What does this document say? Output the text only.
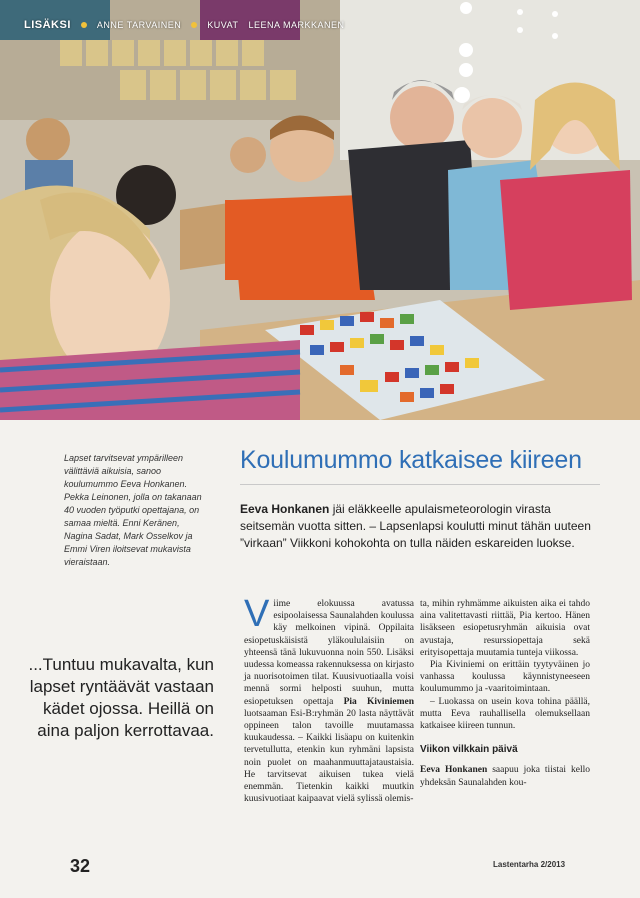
LISÄKSI	ANNE TARVAINEN	KUVAT LEENA MARKKANEN
Lapset tarvitsevat ympärilleen välittäviä aikuisia, sanoo koulumummo Eeva Honkanen. Pekka Leinonen, jolla on takanaan 40 vuoden työputki opettajana, on samaa mieltä. Enni Keränen, Nagina Sadat, Mark Osselkov ja Emmi Viren iloitsevat mukavista vieraistaan.
...Tuntuu mukavalta, kun lapset ryntäävät vastaan kädet ojossa. Heillä on aina paljon kerrottavaa.
Koulumummo katkaisee kiireen
Eeva Honkanen jäi eläkkeelle apulaismeteorologin virasta seitsemän vuotta sitten. – Lapsenlapsi koulutti minut tähän uuteen ”virkaan” Viikkoni kohokohta on tulla näiden eskareiden luokse.

Viime elokuussa avatussa esipoolaisessa Saunalahden koulussa käy melkoinen vipinä. Oppilaita esiopetuskäisistä yläkoululaisiin on yhteensä tänä lukuvuonna noin 550. Lisäksi uudessa komeassa rakennuksessa on kirjasto ja nuorisotoimen tilat. Kuusivuotiaalla voisi mennä sormi helposti suuhun, mutta esiopetuksen opettaja Pia Kiviniemen luotsaaman Esi-B:ryhmän 20 lasta näyttävät oppineen talon tavoille muutamassa kuukaudessa. – Kaikki lisäapu on kuitenkin tervetullutta, etenkin kun ryhmäni lapsista noin puolet on maahanmuuttajataustaisia. He tarvitsevat aikuisen tukea vielä enemmän. Tietenkin kaikki muutkin kuusivuotiaat kaipaavat vielä sylissä olemis-

ta, mihin ryhmämme aikuisten aika ei tahdo aina valitettavasti riittää, Pia kertoo. Hänen lisäkseen esiopetusryhmän aikuisia ovat avustaja, resurssiopettaja sekä erityisopettaja muutamia tunteja viikossa.

Pia Kiviniemi on erittäin tyytyväinen jo vanhassa koulussa käynnistyneeseen koulumummo ja -vaaritoimintaan.

– Luokassa on usein kova tohina päällä, mutta Eeva rauhallisella olemuksellaan katkaisee kiireen tunnun.

Viikon vilkkain päivä

Eeva Honkanen saapuu joka tiistai kello yhdeksän Saunalahden kou-

32	Lastentarha 2/2013
